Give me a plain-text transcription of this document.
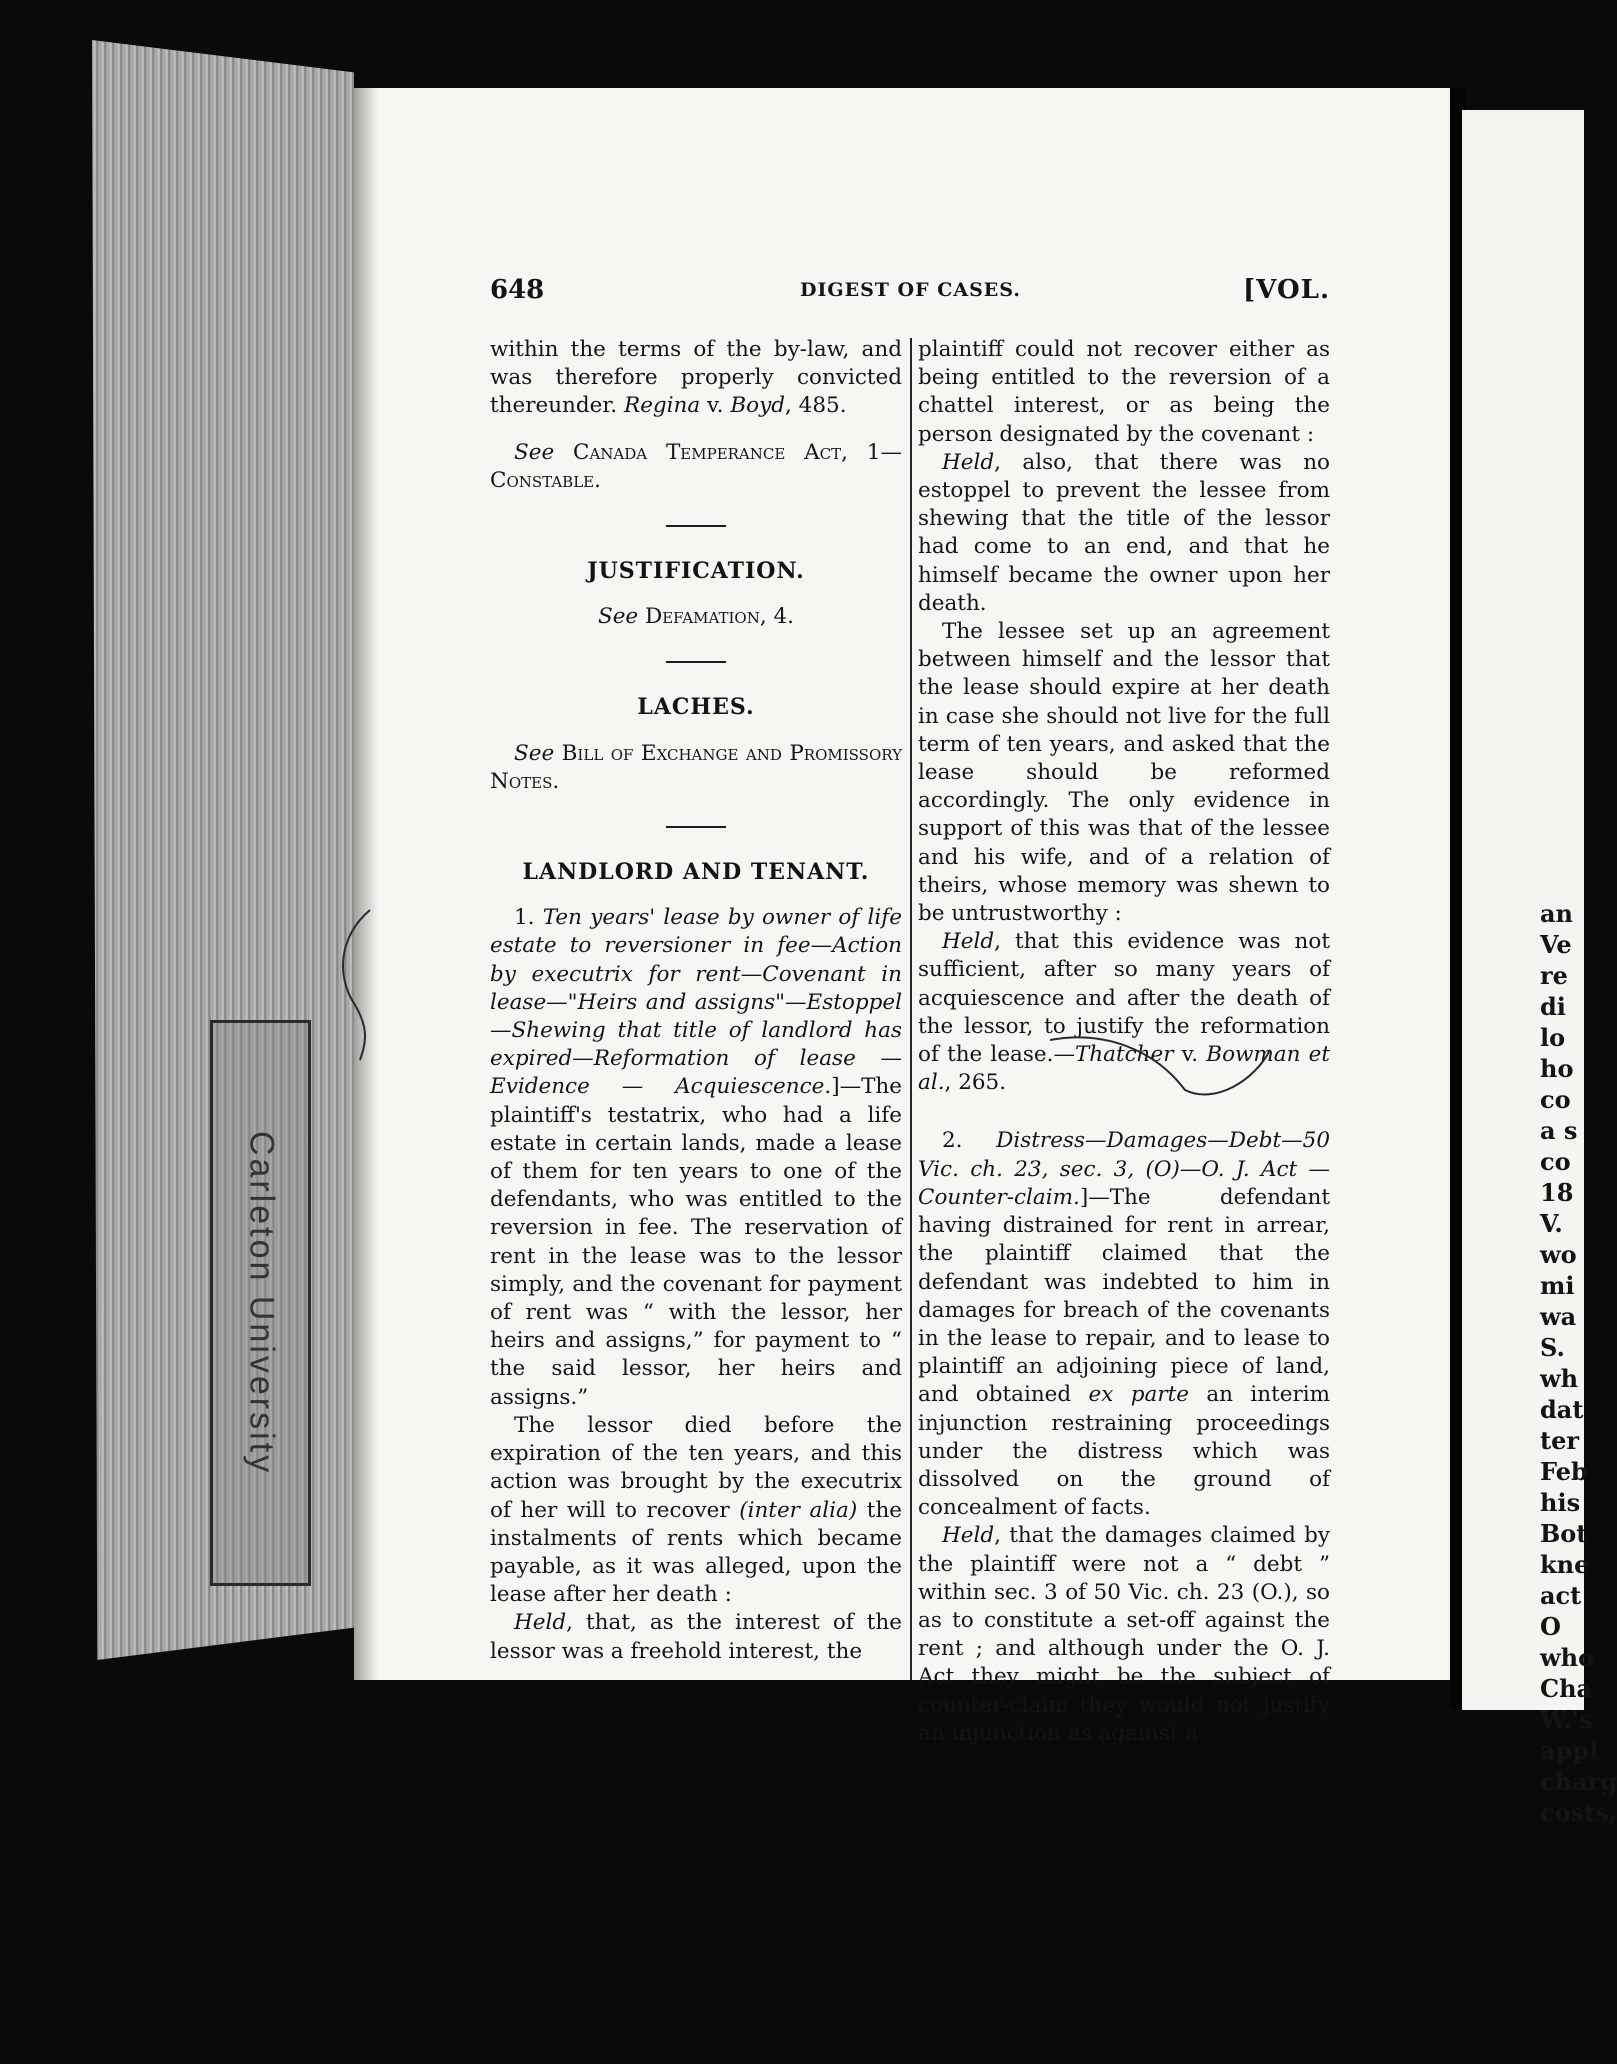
Carleton University
an
Ve
re
di
lo
ho
co
a s
co
18
V.
wo
mi
wa
S.
wh
dat
ter
Feb
his
Bot
kne
act
O
who
Cha
W.'s
appl
charg
costs,
648	DIGEST OF CASES.	[VOL.

within the terms of the by-law, and was therefore properly convicted thereunder. Regina v. Boyd, 485.

See Canada Temperance Act, 1—Constable.

JUSTIFICATION.

See Defamation, 4.

LACHES.

See Bill of Exchange and Promissory Notes.

LANDLORD AND TENANT.

1. Ten years' lease by owner of life estate to reversioner in fee—Action by executrix for rent—Covenant in lease—"Heirs and assigns"—Estoppel—Shewing that title of landlord has expired—Reformation of lease — Evidence — Acquiescence.]—The plaintiff's testatrix, who had a life estate in certain lands, made a lease of them for ten years to one of the defendants, who was entitled to the reversion in fee. The reservation of rent in the lease was to the lessor simply, and the covenant for payment of rent was “ with the lessor, her heirs and assigns,” for payment to “ the said lessor, her heirs and assigns.”

The lessor died before the expiration of the ten years, and this action was brought by the executrix of her will to recover (inter alia) the instalments of rents which became payable, as it was alleged, upon the lease after her death :

Held, that, as the interest of the lessor was a freehold interest, the

plaintiff could not recover either as being entitled to the reversion of a chattel interest, or as being the person designated by the covenant :

Held, also, that there was no estoppel to prevent the lessee from shewing that the title of the lessor had come to an end, and that he himself became the owner upon her death.

The lessee set up an agreement between himself and the lessor that the lease should expire at her death in case she should not live for the full term of ten years, and asked that the lease should be reformed accordingly. The only evidence in support of this was that of the lessee and his wife, and of a relation of theirs, whose memory was shewn to be untrustworthy :

Held, that this evidence was not sufficient, after so many years of acquiescence and after the death of the lessor, to justify the reformation of the lease.—Thatcher v. Bowman et al., 265.

2. Distress—Damages—Debt—50 Vic. ch. 23, sec. 3, (O)—O. J. Act —Counter-claim.]—The defendant having distrained for rent in arrear, the plaintiff claimed that the defendant was indebted to him in damages for breach of the covenants in the lease to repair, and to lease to plaintiff an adjoining piece of land, and obtained ex parte an interim injunction restraining proceedings under the distress which was dissolved on the ground of concealment of facts.

Held, that the damages claimed by the plaintiff were not a “ debt ” within sec. 3 of 50 Vic. ch. 23 (O.), so as to constitute a set-off against the rent ; and although under the O. J. Act they might be the subject of counter-claim they would not justify an injunction as against a
